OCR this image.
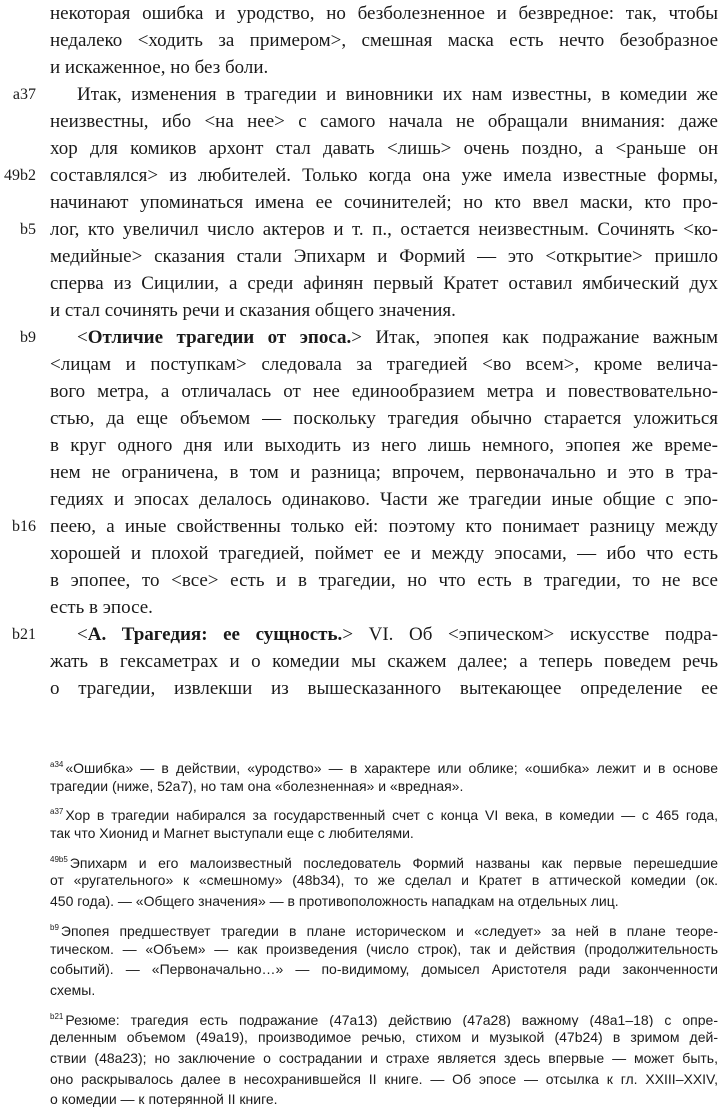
некоторая ошибка и уродство, но безболезненное и безвредное: так, чтобы
недалеко <ходить за примером>, смешная маска есть нечто безобразное
и искаженное, но без боли.
a37	Итак, изменения в трагедии и виновники их нам известны, в комедии же
неизвестны, ибо <на нее> с самого начала не обращали внимания: даже
хор для комиков архонт стал давать <лишь> очень поздно, а <раньше он
49b2 составлялся> из любителей. Только когда она уже имела известные формы,
начинают упоминаться имена ее сочинителей; но кто ввел маски, кто про-
b5 лог, кто увеличил число актеров и т. п., остается неизвестным. Сочинять <ко-
медийные> сказания стали Эпихарм и Формий — это <открытие> пришло
сперва из Сицилии, а среди афинян первый Кратет оставил ямбический дух
и стал сочинять речи и сказания общего значения.
b9	<Отличие трагедии от эпоса.> Итак, эпопея как подражание важным
<лицам и поступкам> следовала за трагедией <во всем>, кроме велича-
вого метра, а отличалась от нее единообразием метра и повествовательно-
стью, да еще объемом — поскольку трагедия обычно старается уложиться
в круг одного дня или выходить из него лишь немного, эпопея же време-
нем не ограничена, в том и разница; впрочем, первоначально и это в тра-
гедиях и эпосах делалось одинаково. Части же трагедии иные общие с эпо-
b16 пеею, а иные свойственны только ей: поэтому кто понимает разницу между
хорошей и плохой трагедией, поймет ее и между эпосами, — ибо что есть
в эпопее, то <все> есть и в трагедии, но что есть в трагедии, то не все
есть в эпосе.
b21	<А. Трагедия: ее сущность.> VI. Об <эпическом> искусстве подра-
жать в гексаметрах и о комедии мы скажем далее; а теперь поведем речь
о трагедии, извлекши из вышесказанного вытекающее определение ее
$^{a34}$ «Ошибка» — в действии, «уродство» — в характере или облике; «ошибка» лежит и в основе
трагедии (ниже, 52а7), но там она «болезненная» и «вредная».
$^{a37}$ Хор в трагедии набирался за государственный счет с конца VI века, в комедии — с 465 года,
так что Хионид и Магнет выступали еще с любителями.
$^{49b5}$ Эпихарм и его малоизвестный последователь Формий названы как первые перешедшие
от «ругательного» к «смешному» (48b34), то же сделал и Кратет в аттической комедии (ок.
450 года). — «Общего значения» — в противоположность нападкам на отдельных лиц.
$^{b9}$ Эпопея предшествует трагедии в плане историческом и «следует» за ней в плане теоре-
тическом. — «Объем» — как произведения (число строк), так и действия (продолжительность
событий). — «Первоначально…» — по-видимому, домысел Аристотеля ради законченности
схемы.
$^{b21}$ Резюме: трагедия есть подражание (47a13) действию (47a28) важному (48a1–18) с опре-
деленным объемом (49a19), производимое речью, стихом и музыкой (47b24) в зримом дей-
ствии (48a23); но заключение о сострадании и страхе является здесь впервые — может быть,
оно раскрывалось далее в несохранившейся II книге. — Об эпосе — отсылка к гл. XXIII–XXIV,
о комедии — к потерянной II книге.
